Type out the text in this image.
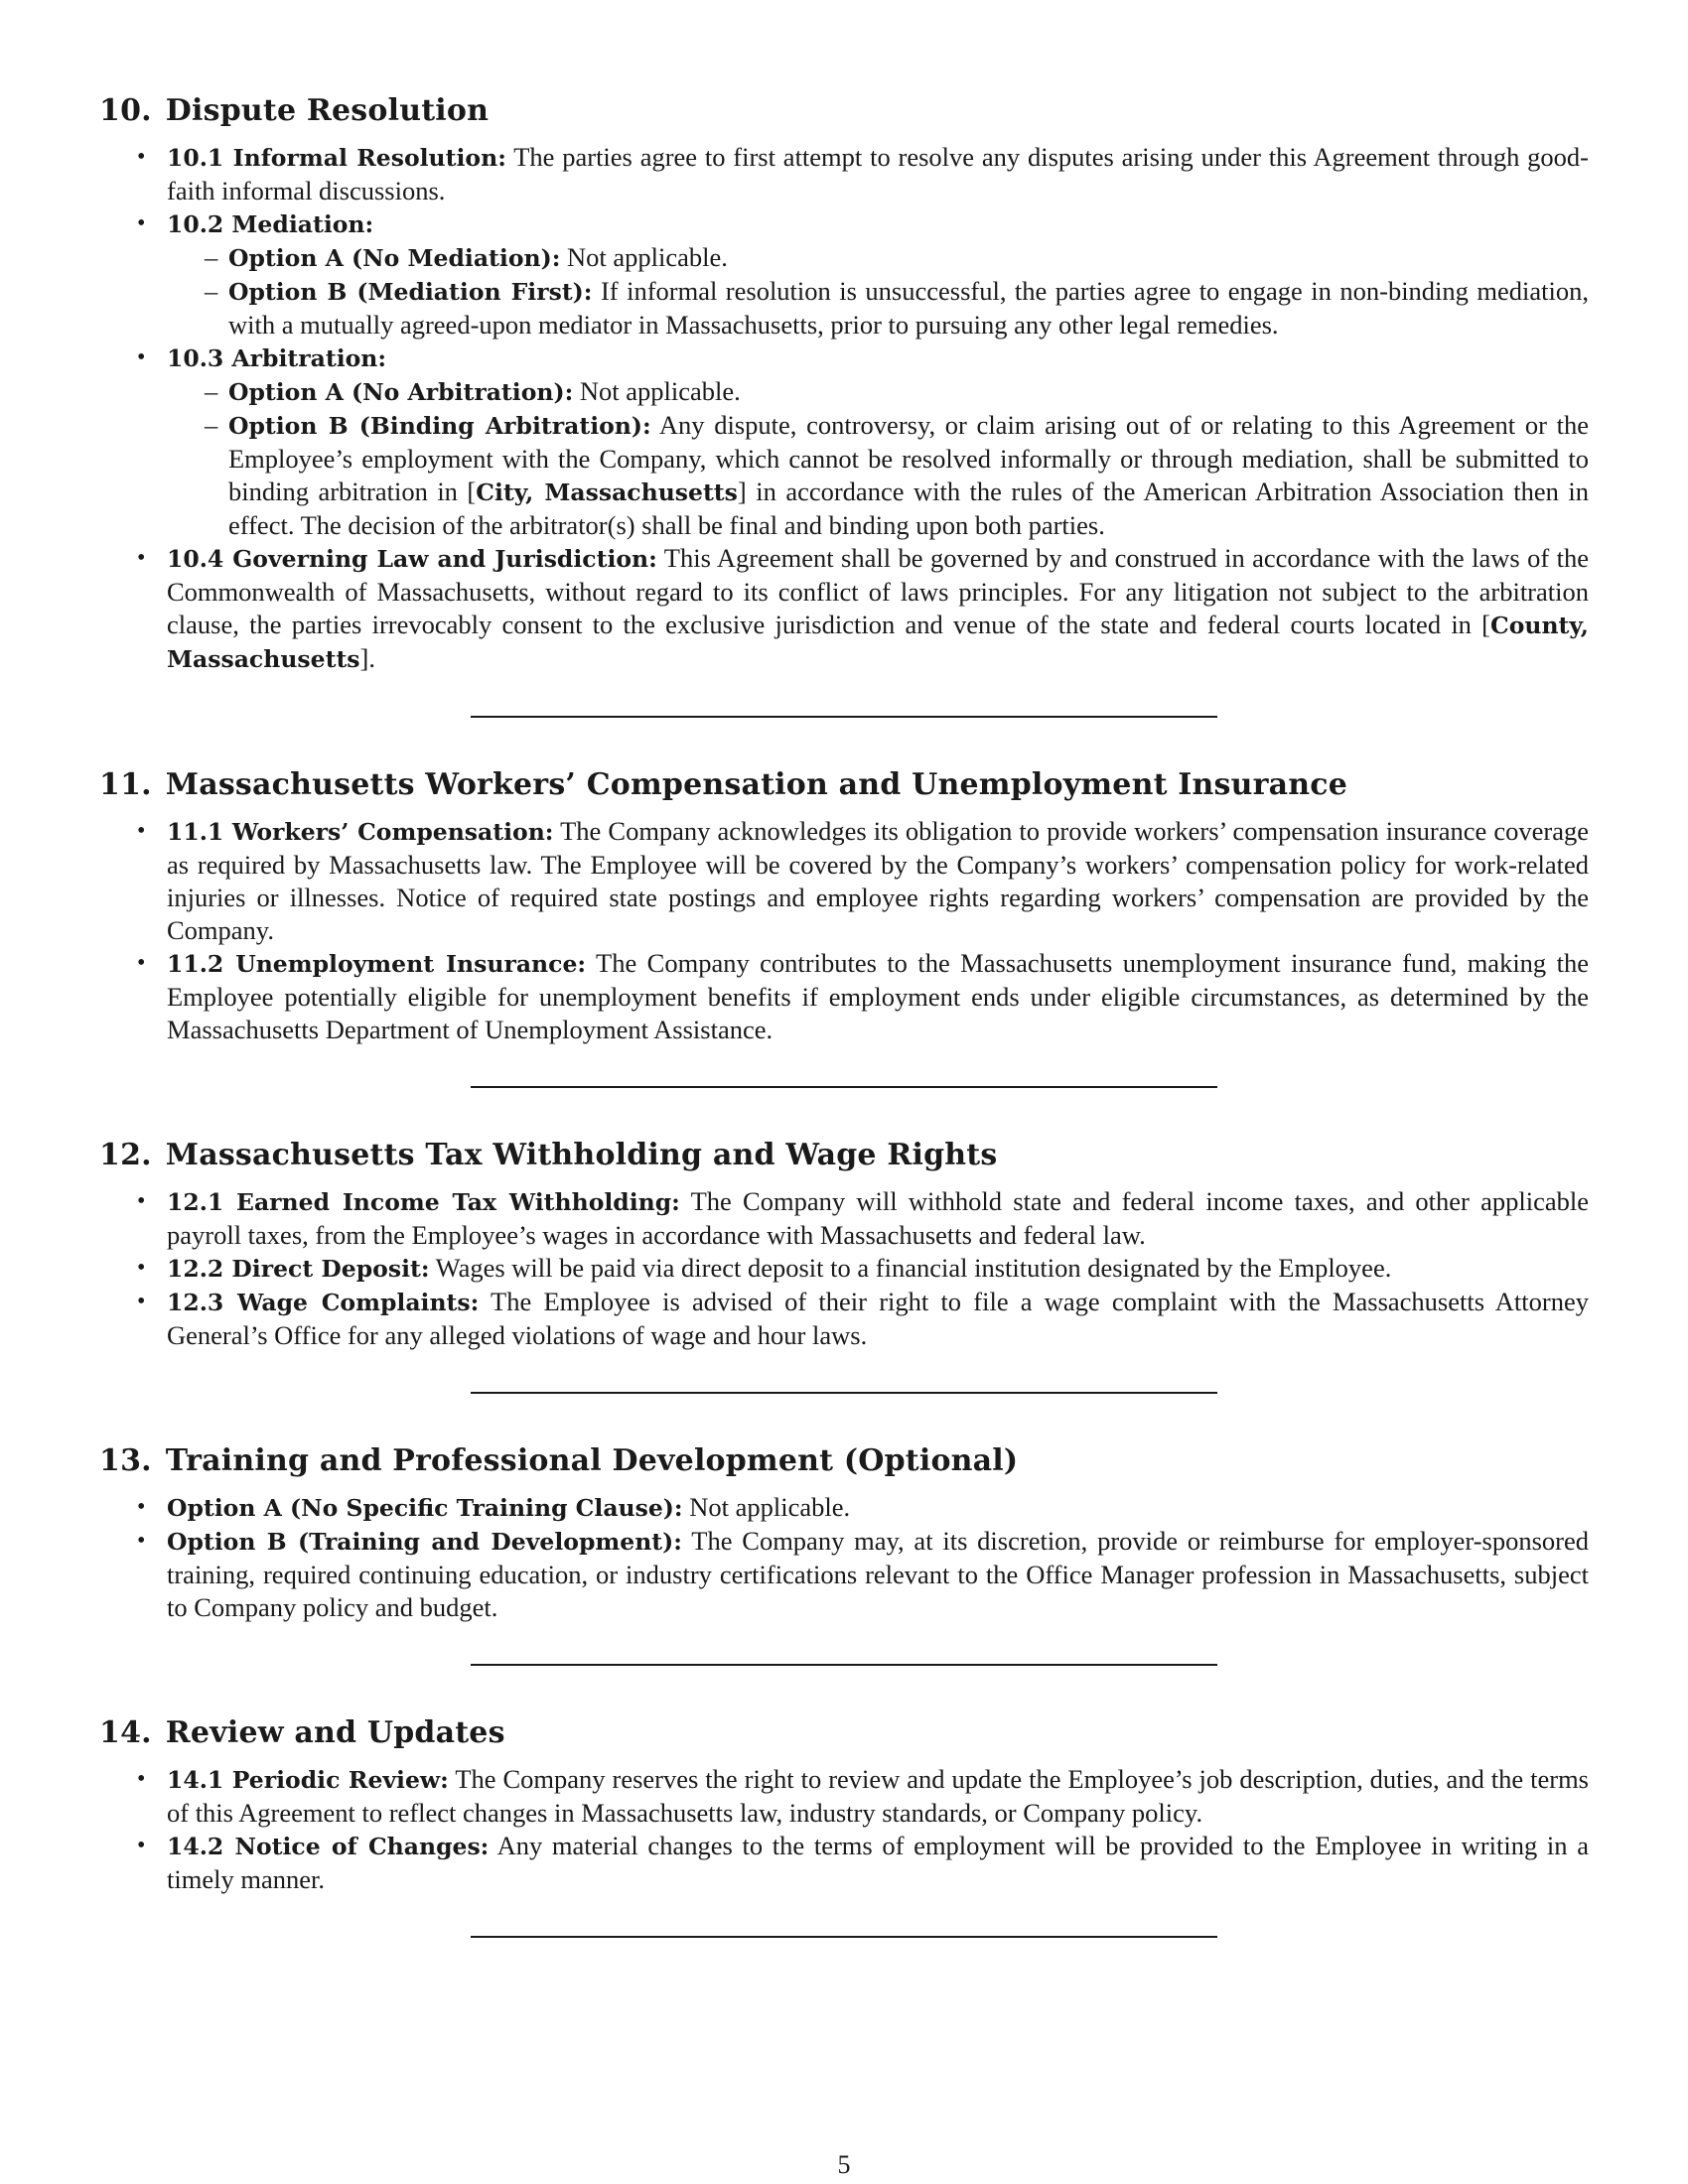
10. Dispute Resolution
• 10.1 Informal Resolution: The parties agree to first attempt to resolve any disputes arising under this Agreement through good-faith informal discussions.
• 10.2 Mediation:
– Option A (No Mediation): Not applicable.
– Option B (Mediation First): If informal resolution is unsuccessful, the parties agree to engage in non-binding mediation, with a mutually agreed-upon mediator in Massachusetts, prior to pursuing any other legal remedies.
• 10.3 Arbitration:
– Option A (No Arbitration): Not applicable.
– Option B (Binding Arbitration): Any dispute, controversy, or claim arising out of or relating to this Agreement or the Employee’s employment with the Company, which cannot be resolved informally or through mediation, shall be submitted to binding arbitration in [City, Massachusetts] in accordance with the rules of the American Arbitration Association then in effect. The decision of the arbitrator(s) shall be final and binding upon both parties.
• 10.4 Governing Law and Jurisdiction: This Agreement shall be governed by and construed in accordance with the laws of the Commonwealth of Massachusetts, without regard to its conflict of laws principles. For any litigation not subject to the arbitration clause, the parties irrevocably consent to the exclusive jurisdiction and venue of the state and federal courts located in [County, Massachusetts].
11. Massachusetts Workers’ Compensation and Unemployment Insurance
• 11.1 Workers’ Compensation: The Company acknowledges its obligation to provide workers’ compensation insurance coverage as required by Massachusetts law. The Employee will be covered by the Company’s workers’ compensation policy for work-related injuries or illnesses. Notice of required state postings and employee rights regarding workers’ compensation are provided by the Company.
• 11.2 Unemployment Insurance: The Company contributes to the Massachusetts unemployment insurance fund, making the Employee potentially eligible for unemployment benefits if employment ends under eligible circumstances, as determined by the Massachusetts Department of Unemployment Assistance.
12. Massachusetts Tax Withholding and Wage Rights
• 12.1 Earned Income Tax Withholding: The Company will withhold state and federal income taxes, and other applicable payroll taxes, from the Employee’s wages in accordance with Massachusetts and federal law.
• 12.2 Direct Deposit: Wages will be paid via direct deposit to a financial institution designated by the Employee.
• 12.3 Wage Complaints: The Employee is advised of their right to file a wage complaint with the Massachusetts Attorney General’s Office for any alleged violations of wage and hour laws.
13. Training and Professional Development (Optional)
• Option A (No Specific Training Clause): Not applicable.
• Option B (Training and Development): The Company may, at its discretion, provide or reimburse for employer-sponsored training, required continuing education, or industry certifications relevant to the Office Manager profession in Massachusetts, subject to Company policy and budget.
14. Review and Updates
• 14.1 Periodic Review: The Company reserves the right to review and update the Employee’s job description, duties, and the terms of this Agreement to reflect changes in Massachusetts law, industry standards, or Company policy.
• 14.2 Notice of Changes: Any material changes to the terms of employment will be provided to the Employee in writing in a timely manner.
5
